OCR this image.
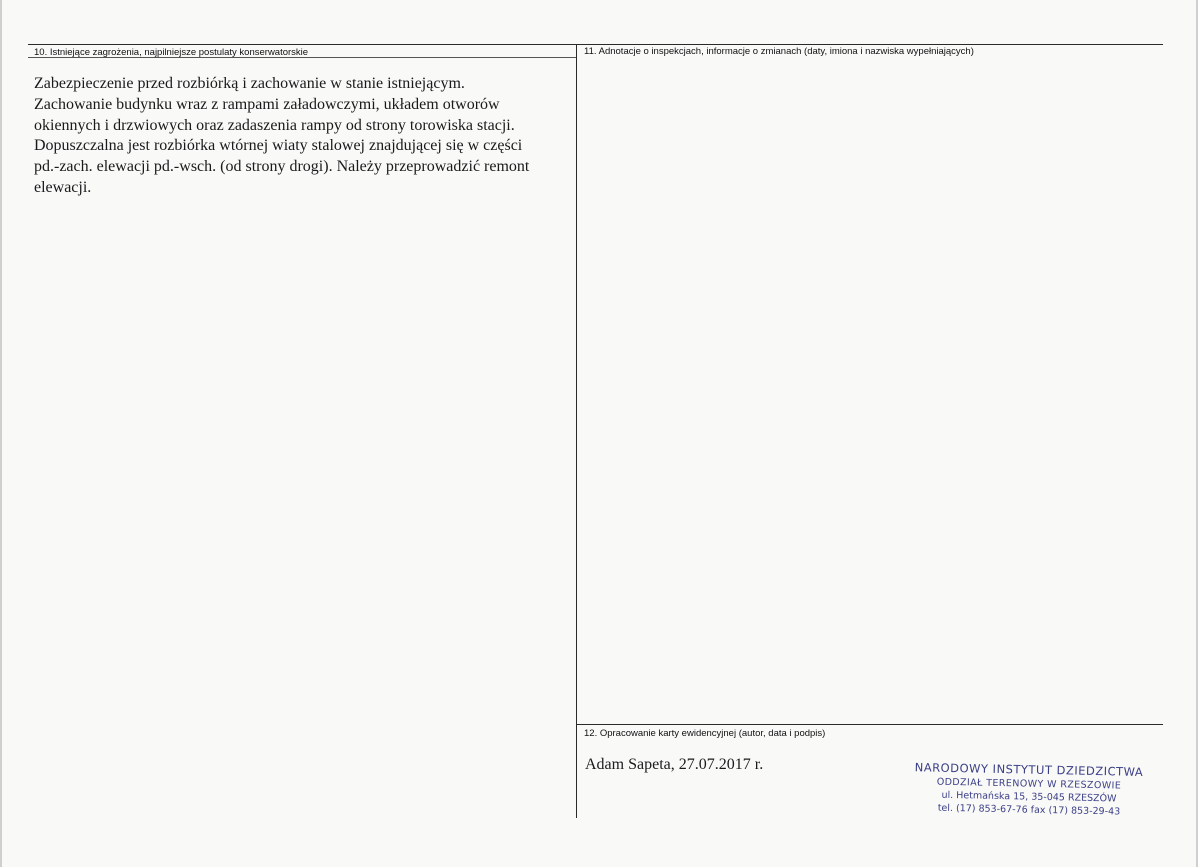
10. Istniejące zagrożenia, najpilniejsze postulaty konserwatorskie	11. Adnotacje o inspekcjach, informacje o zmianach (daty, imiona i nazwiska wypełniających)
12. Opracowanie karty ewidencyjnej (autor, data i podpis)
Zabezpieczenie przed rozbiórką i zachowanie w stanie istniejącym.
Zachowanie budynku wraz z rampami załadowczymi, układem otworów
okiennych i drzwiowych oraz zadaszenia rampy od strony torowiska stacji.
Dopuszczalna jest rozbiórka wtórnej wiaty stalowej znajdującej się w części
pd.-zach. elewacji pd.-wsch. (od strony drogi). Należy przeprowadzić remont
elewacji.
Adam Sapeta, 27.07.2017 r.	NARODOWY INSTYTUT DZIEDZICTWA
ODDZIAŁ TERENOWY W RZESZOWIE
ul. Hetmańska 15, 35-045 RZESZÓW
tel. (17) 853-67-76 fax (17) 853-29-43
